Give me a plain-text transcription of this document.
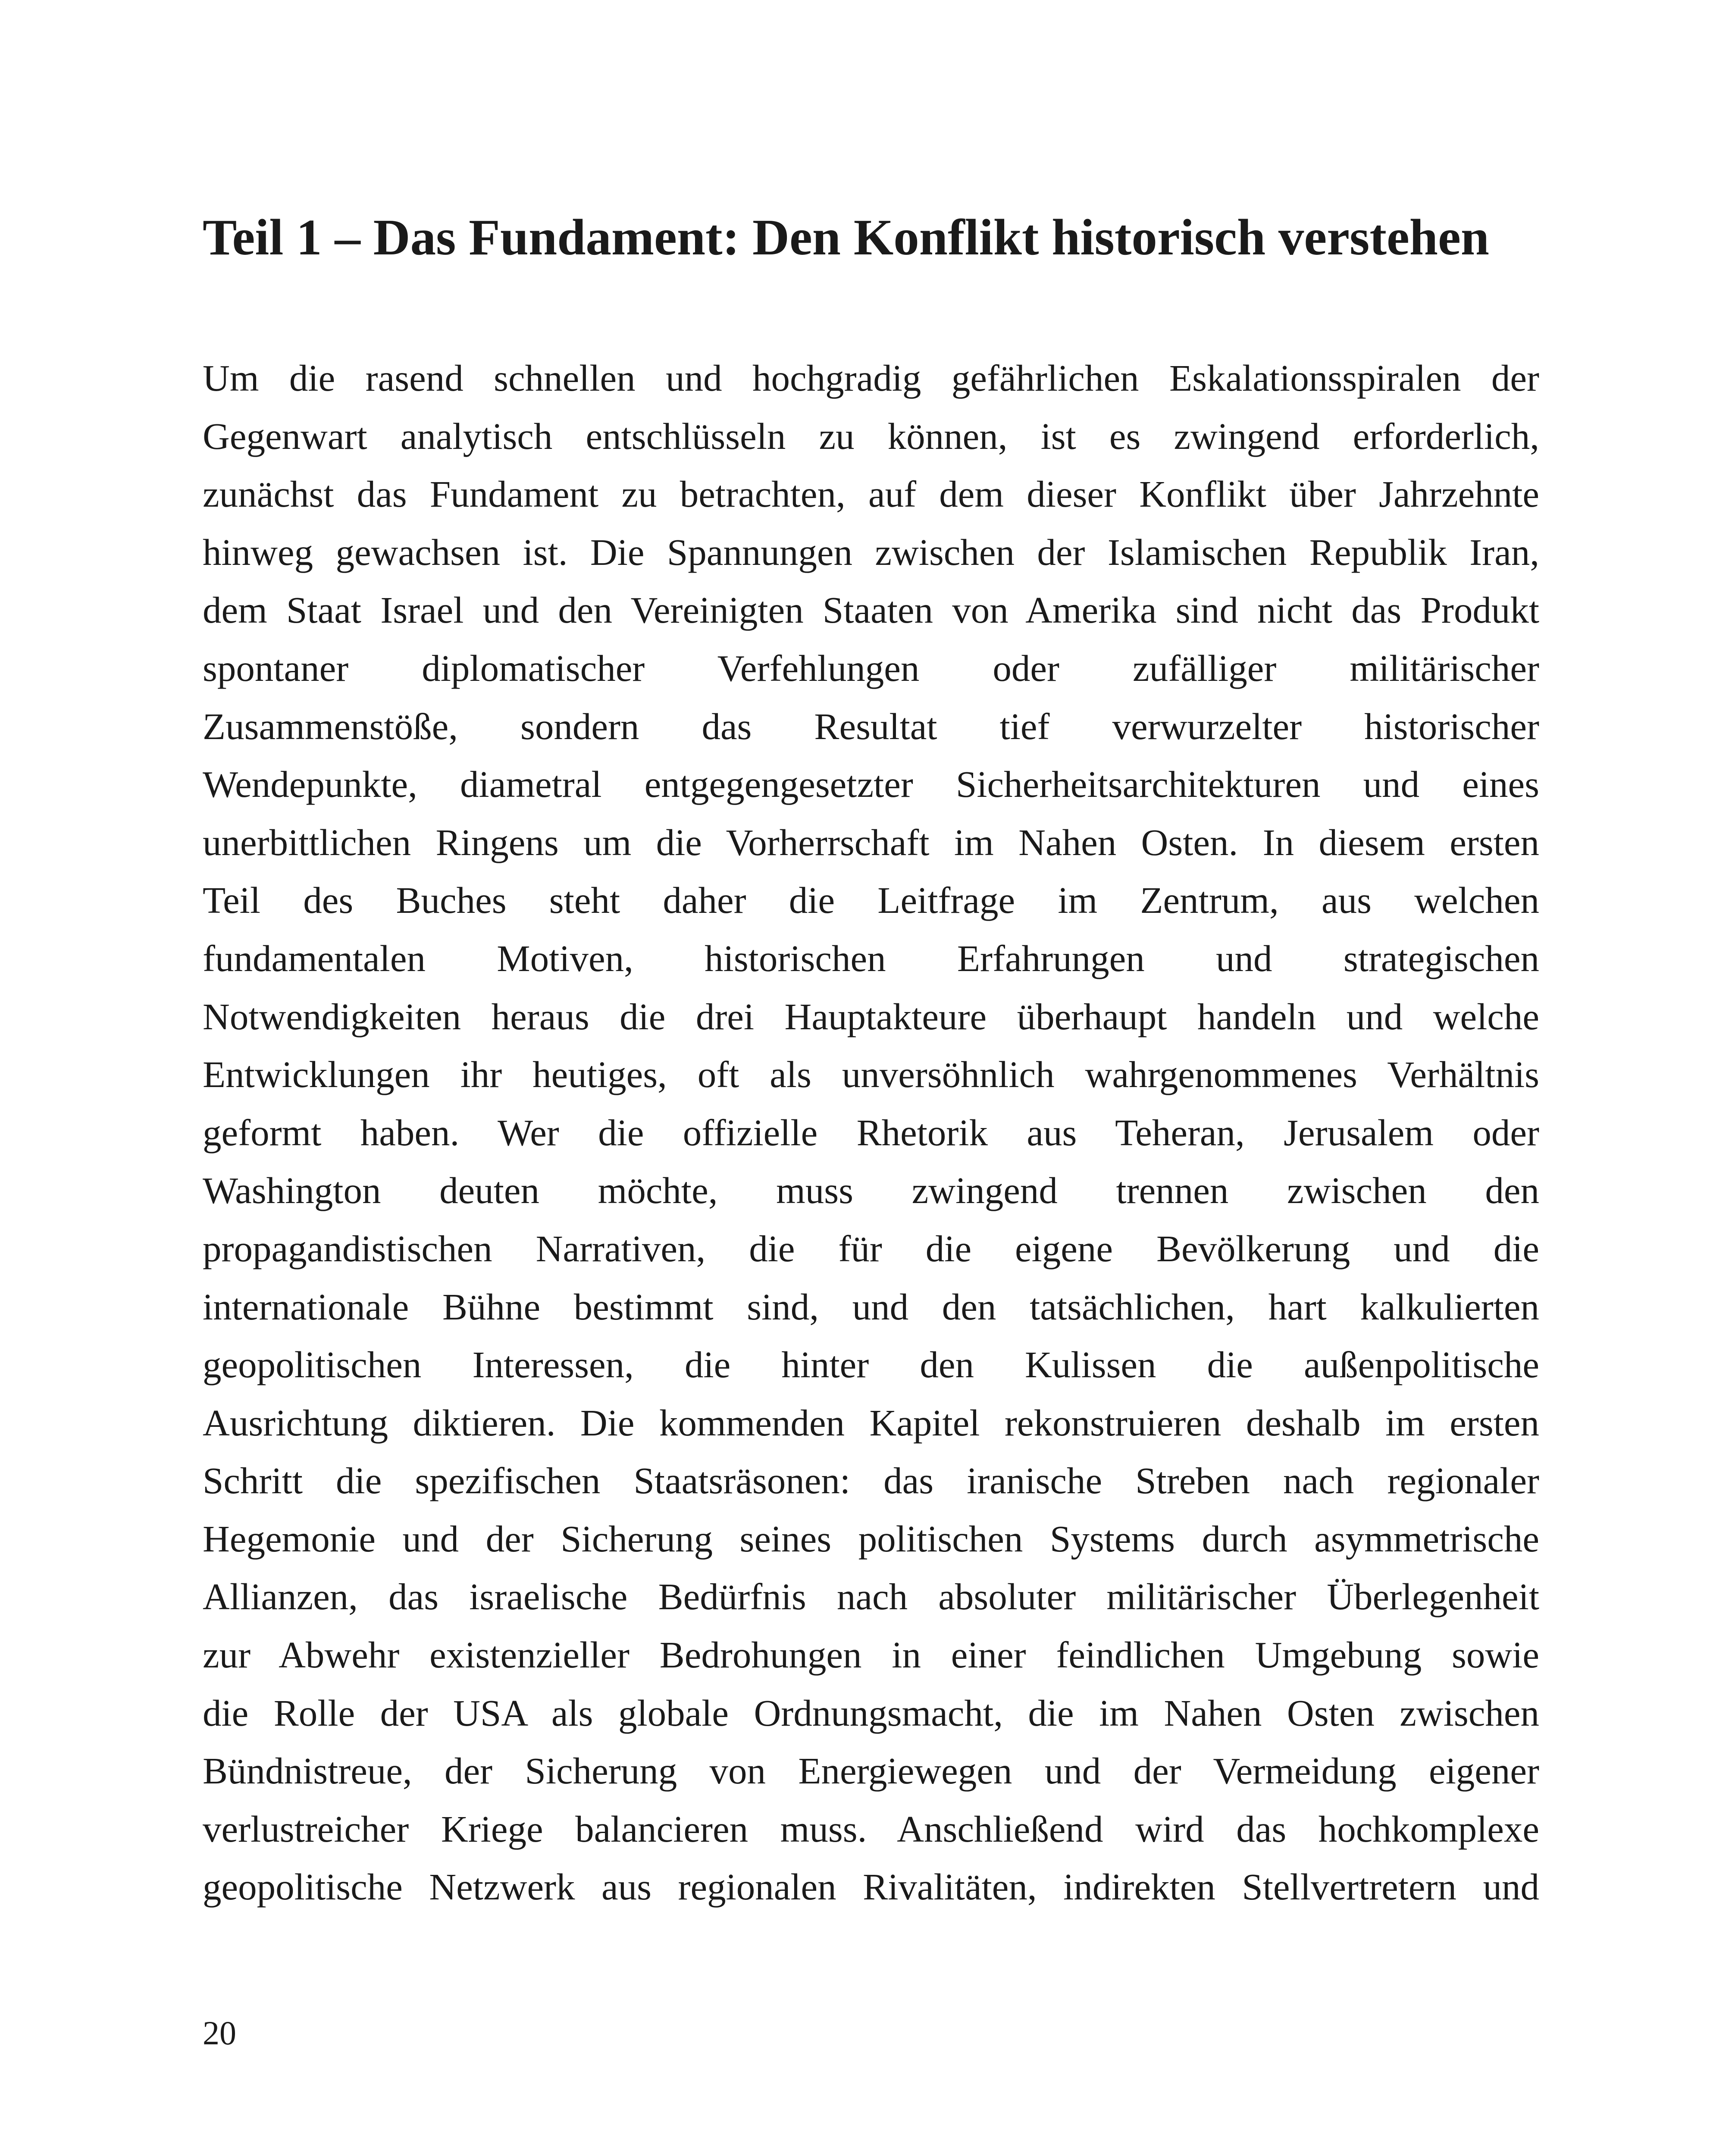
Teil 1 – Das Fundament: Den Konflikt historisch verstehen
Um die rasend schnellen und hochgradig gefährlichen Eskalationsspiralen der
Gegenwart analytisch entschlüsseln zu können, ist es zwingend erforderlich,
zunächst das Fundament zu betrachten, auf dem dieser Konflikt über Jahrzehnte
hinweg gewachsen ist. Die Spannungen zwischen der Islamischen Republik Iran,
dem Staat Israel und den Vereinigten Staaten von Amerika sind nicht das Produkt
spontaner diplomatischer Verfehlungen oder zufälliger militärischer
Zusammenstöße, sondern das Resultat tief verwurzelter historischer
Wendepunkte, diametral entgegengesetzter Sicherheitsarchitekturen und eines
unerbittlichen Ringens um die Vorherrschaft im Nahen Osten. In diesem ersten
Teil des Buches steht daher die Leitfrage im Zentrum, aus welchen
fundamentalen Motiven, historischen Erfahrungen und strategischen
Notwendigkeiten heraus die drei Hauptakteure überhaupt handeln und welche
Entwicklungen ihr heutiges, oft als unversöhnlich wahrgenommenes Verhältnis
geformt haben. Wer die offizielle Rhetorik aus Teheran, Jerusalem oder
Washington deuten möchte, muss zwingend trennen zwischen den
propagandistischen Narrativen, die für die eigene Bevölkerung und die
internationale Bühne bestimmt sind, und den tatsächlichen, hart kalkulierten
geopolitischen Interessen, die hinter den Kulissen die außenpolitische
Ausrichtung diktieren. Die kommenden Kapitel rekonstruieren deshalb im ersten
Schritt die spezifischen Staatsräsonen: das iranische Streben nach regionaler
Hegemonie und der Sicherung seines politischen Systems durch asymmetrische
Allianzen, das israelische Bedürfnis nach absoluter militärischer Überlegenheit
zur Abwehr existenzieller Bedrohungen in einer feindlichen Umgebung sowie
die Rolle der USA als globale Ordnungsmacht, die im Nahen Osten zwischen
Bündnistreue, der Sicherung von Energiewegen und der Vermeidung eigener
verlustreicher Kriege balancieren muss. Anschließend wird das hochkomplexe
geopolitische Netzwerk aus regionalen Rivalitäten, indirekten Stellvertretern und
20
